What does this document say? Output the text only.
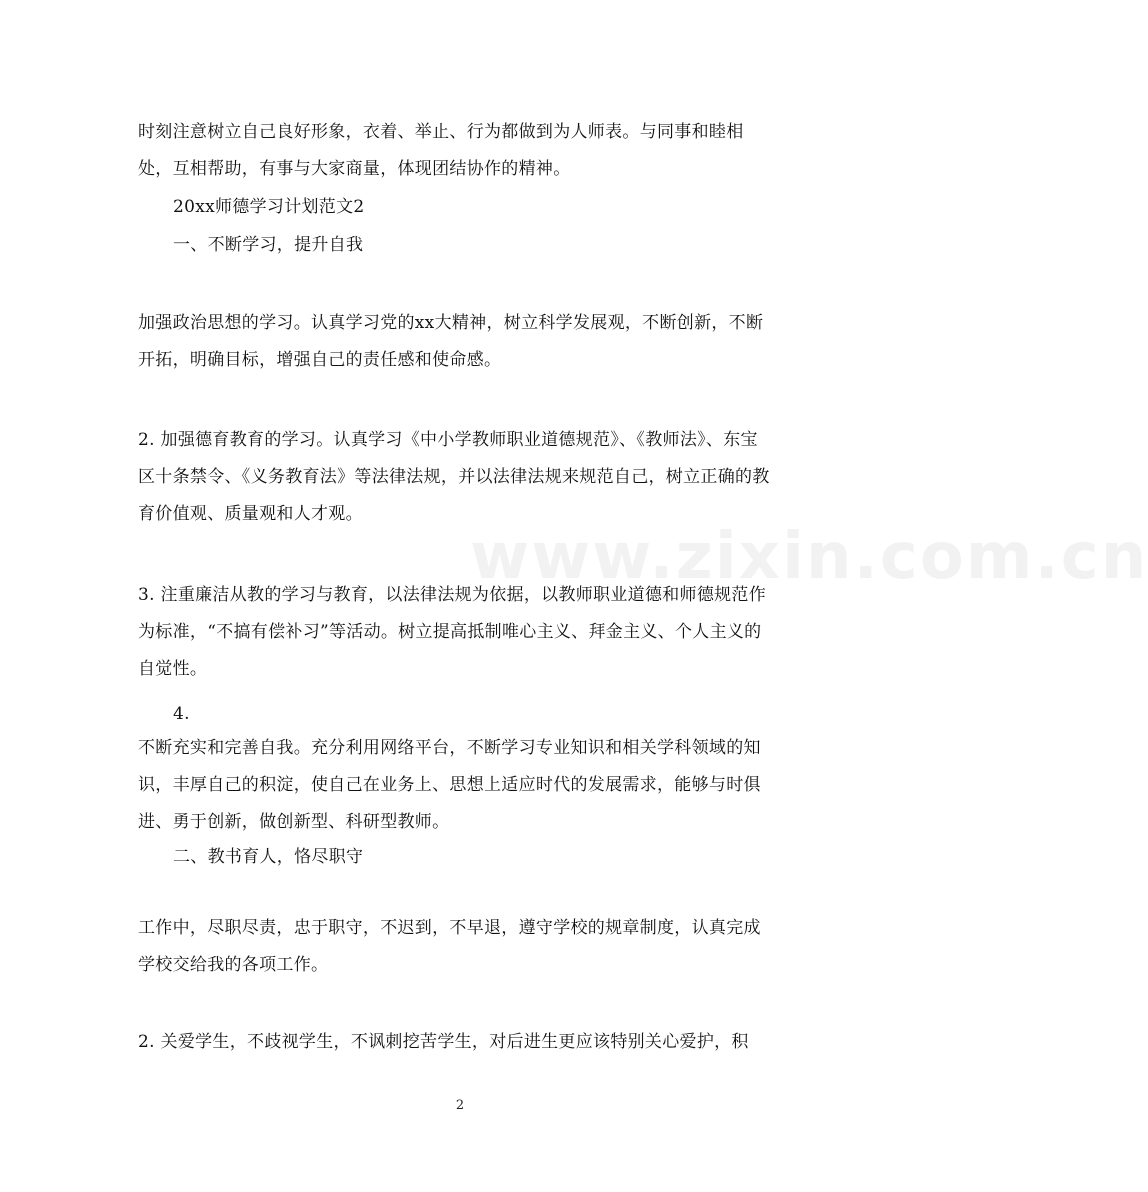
时刻注意树立自己良好形象，衣着、举止、行为都做到为人师表。与同事和睦相处，互相帮助，有事与大家商量，体现团结协作的精神。

20xx师德学习计划范文2

一、不断学习，提升自我

加强政治思想的学习。认真学习党的xx大精神，树立科学发展观，不断创新，不断开拓，明确目标，增强自己的责任感和使命感。

2. 加强德育教育的学习。认真学习《中小学教师职业道德规范》、《教师法》、东宝区十条禁令、《义务教育法》等法律法规，并以法律法规来规范自己，树立正确的教育价值观、质量观和人才观。

3. 注重廉洁从教的学习与教育，以法律法规为依据，以教师职业道德和师德规范作为标准，“不搞有偿补习”等活动。树立提高抵制唯心主义、拜金主义、个人主义的自觉性。

4.

不断充实和完善自我。充分利用网络平台，不断学习专业知识和相关学科领域的知识，丰厚自己的积淀，使自己在业务上、思想上适应时代的发展需求，能够与时俱进、勇于创新，做创新型、科研型教师。

二、教书育人，恪尽职守

工作中，尽职尽责，忠于职守，不迟到，不早退，遵守学校的规章制度，认真完成学校交给我的各项工作。

2. 关爱学生，不歧视学生，不讽刺挖苦学生，对后进生更应该特别关心爱护，积

www.zixin.com.cn
2
